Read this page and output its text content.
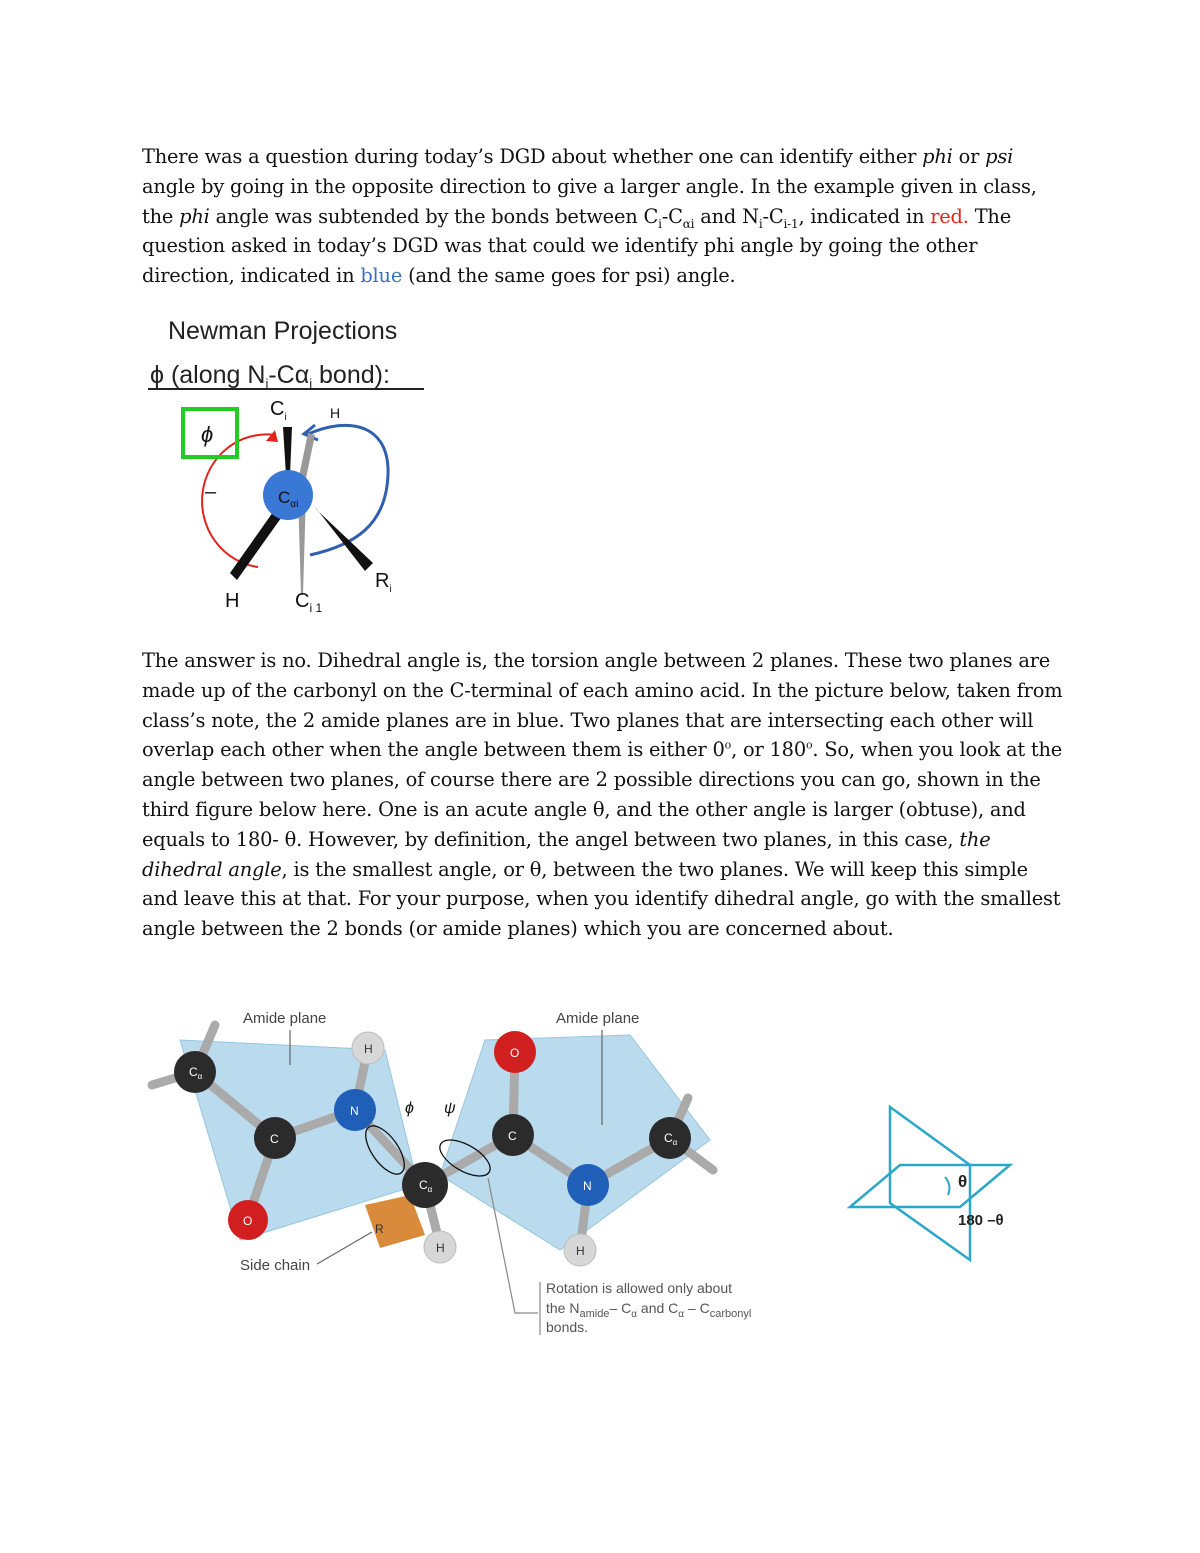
There was a question during today’s DGD about whether one can identify either phi or psi angle by going in the opposite direction to give a larger angle. In the example given in class, the phi angle was subtended by the bonds between $C_i-C_{\alpha i}$ and $N_i-C_{i-1}$, indicated in red. The question asked in today’s DGD was that could we identify phi angle by going the other direction, indicated in blue (and the same goes for psi) angle.
Newman Projections
ϕ (along $N_i-C\alpha_i$ bond):
$C_{\alpha i}$
ϕ
–
$C_i$	H
H	$C_{i 1}$
$R_i$
The answer is no. Dihedral angle is, the torsion angle between 2 planes. These two planes are made up of the carbonyl on the C-terminal of each amino acid. In the picture below, taken from class’s note, the 2 amide planes are in blue. Two planes that are intersecting each other will overlap each other when the angle between them is either 0$^o$, or 180$^o$. So, when you look at the angle between two planes, of course there are 2 possible directions you can go, shown in the third figure below here. One is an acute angle θ, and the other angle is larger (obtuse), and equals to 180- θ. However, by definition, the angel between two planes, in this case, the dihedral angle, is the smallest angle, or θ, between the two planes. We will keep this simple and leave this at that. For your purpose, when you identify dihedral angle, go with the smallest angle between the 2 bonds (or amide planes) which you are concerned about.
$C_\alpha$
C
O
N
$C_\alpha$
O
C
N
$C_\alpha$
H
H	H
R
ϕ ψ
Amide plane	Amide plane
Side chain
Rotation is allowed only about
the $N_{amide}-$ $C_\alpha$ and $C_\alpha - C_{carbonyl}$
bonds.
θ
180 –θ
